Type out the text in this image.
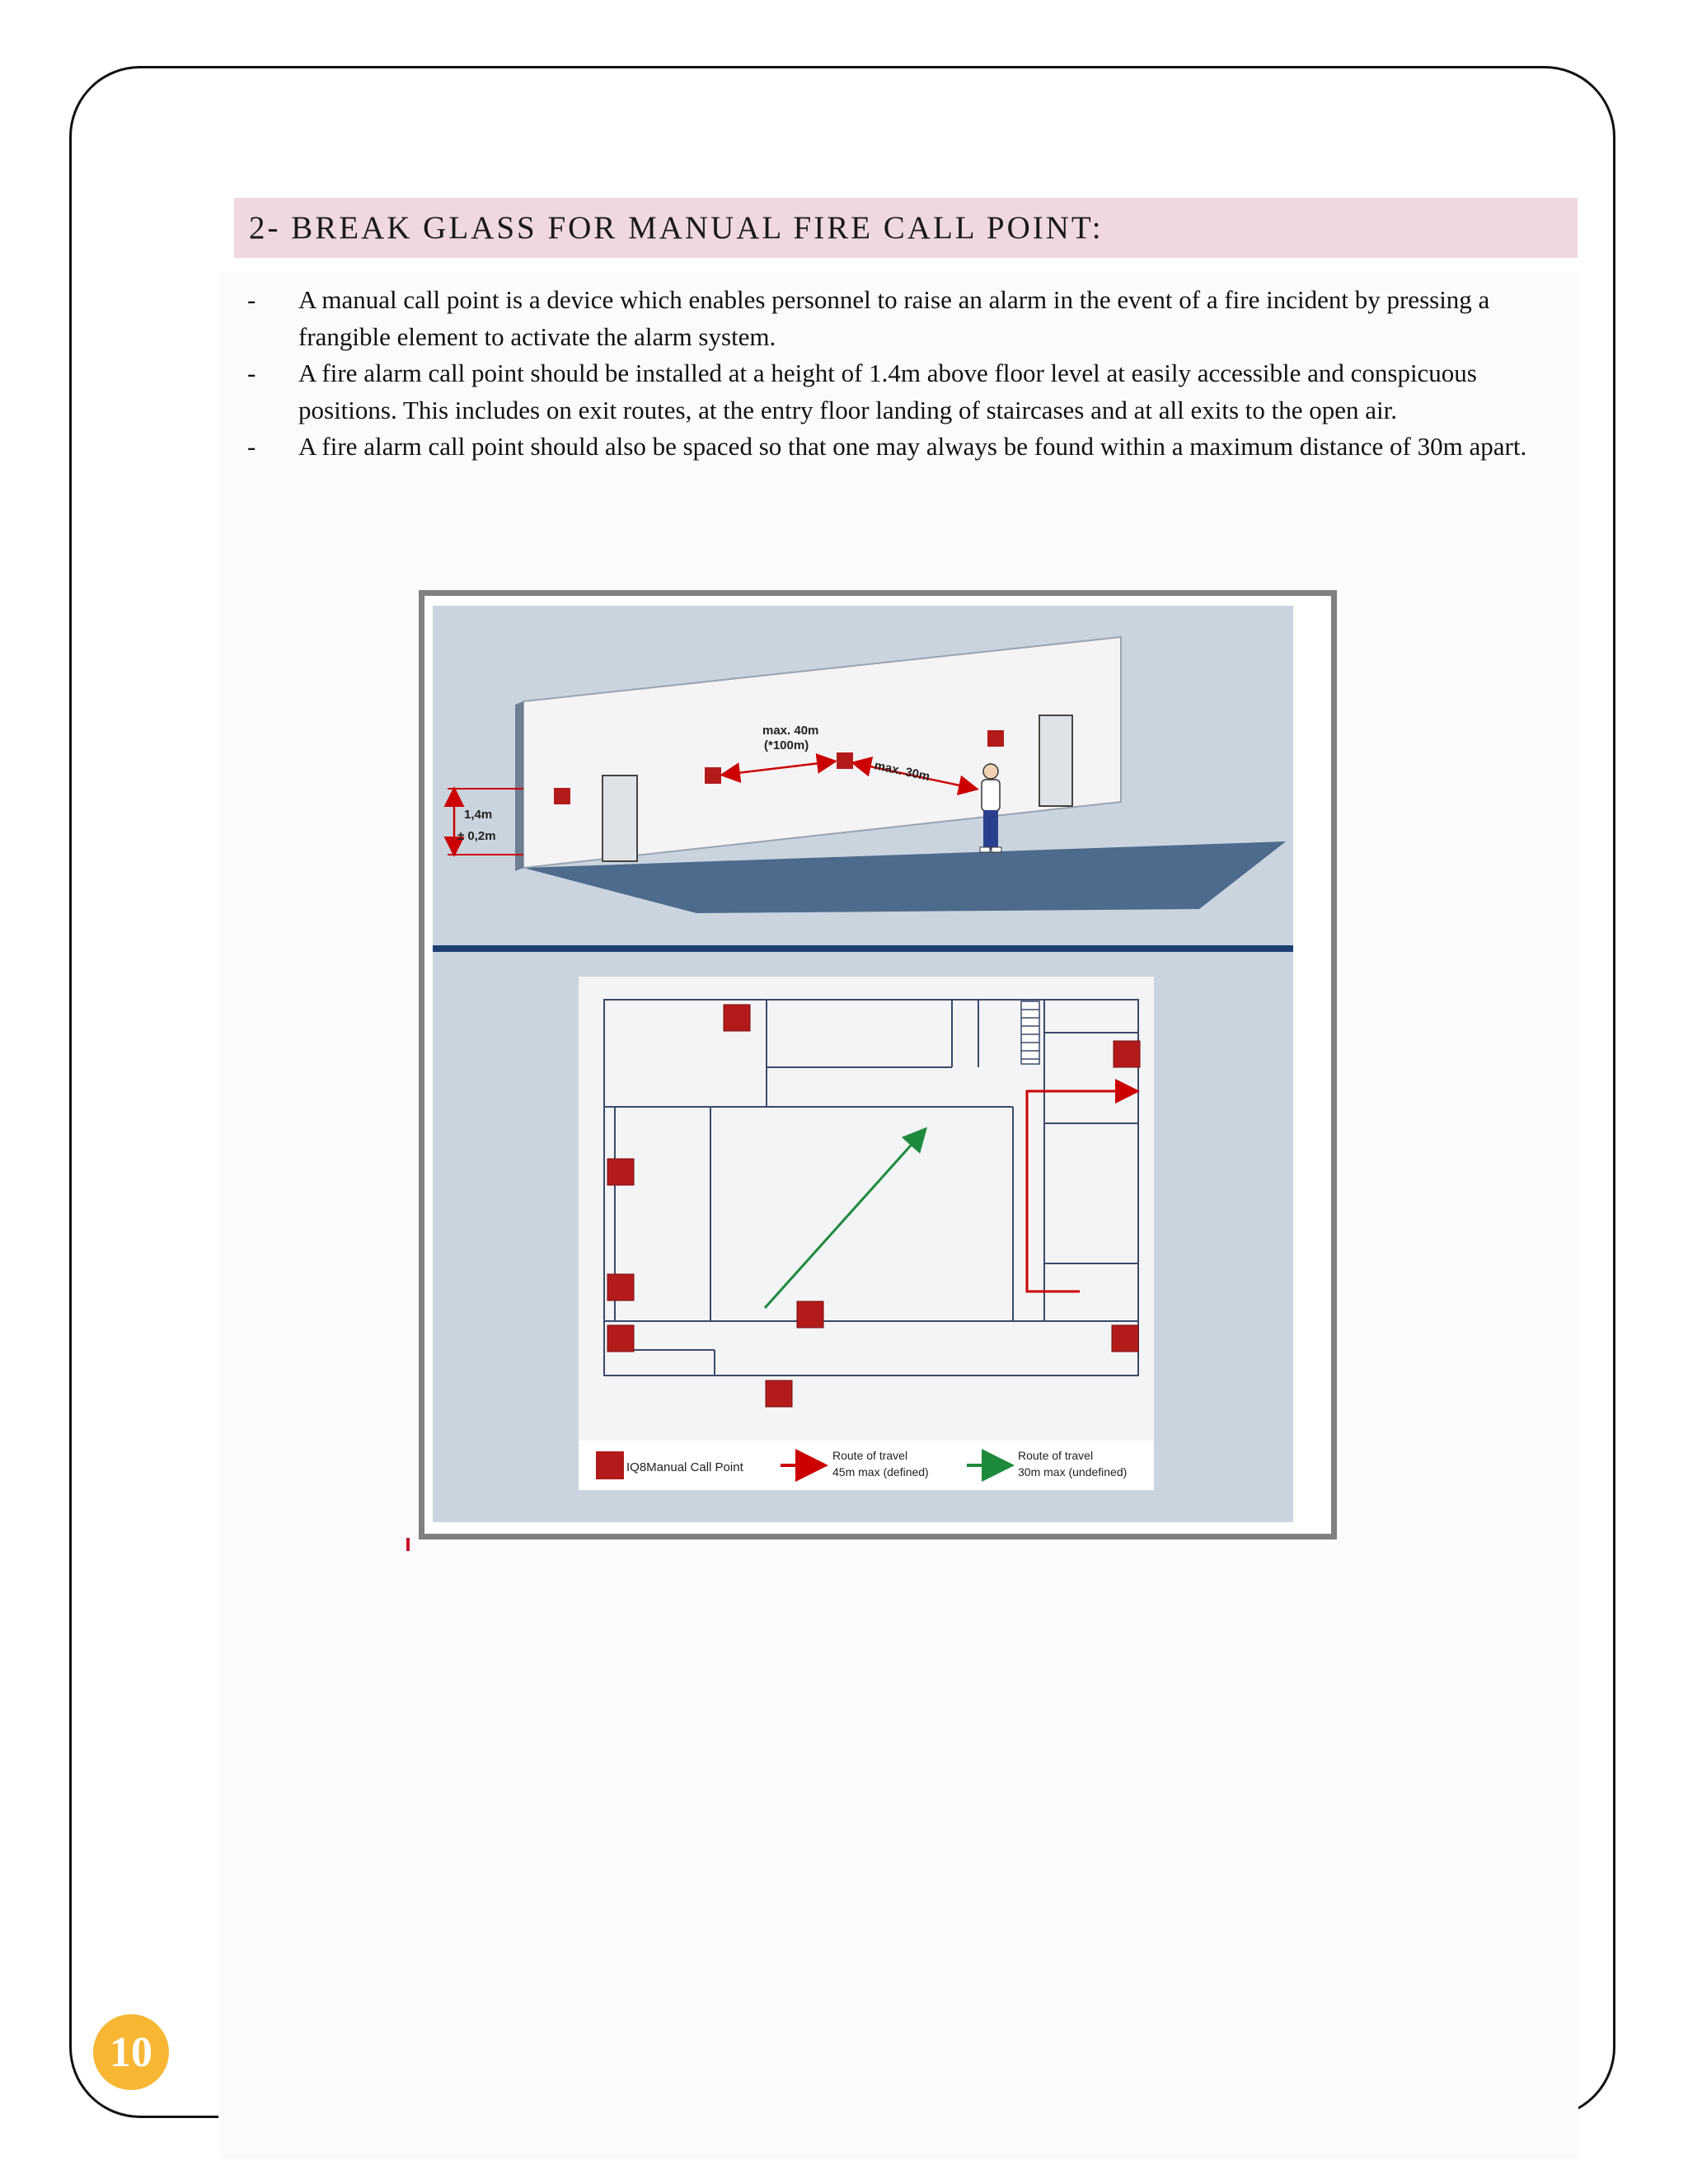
2- BREAK GLASS FOR MANUAL FIRE CALL POINT:
-	A manual call point is a device which enables personnel to raise an alarm in the event of a fire incident by pressing a frangible element to activate the alarm system.
-	A fire alarm call point should be installed at a height of 1.4m above floor level at easily accessible and conspicuous positions. This includes on exit routes, at the entry floor landing of staircases and at all exits to the open air.
-	A fire alarm call point should also be spaced so that one may always be found within a maximum distance of 30m apart.
max. 40m
(*100m)
max. 30m
1,4m
± 0,2m
IQ8Manual Call Point
Route of travel
45m max (defined)
Route of travel
30m max (undefined)
10
